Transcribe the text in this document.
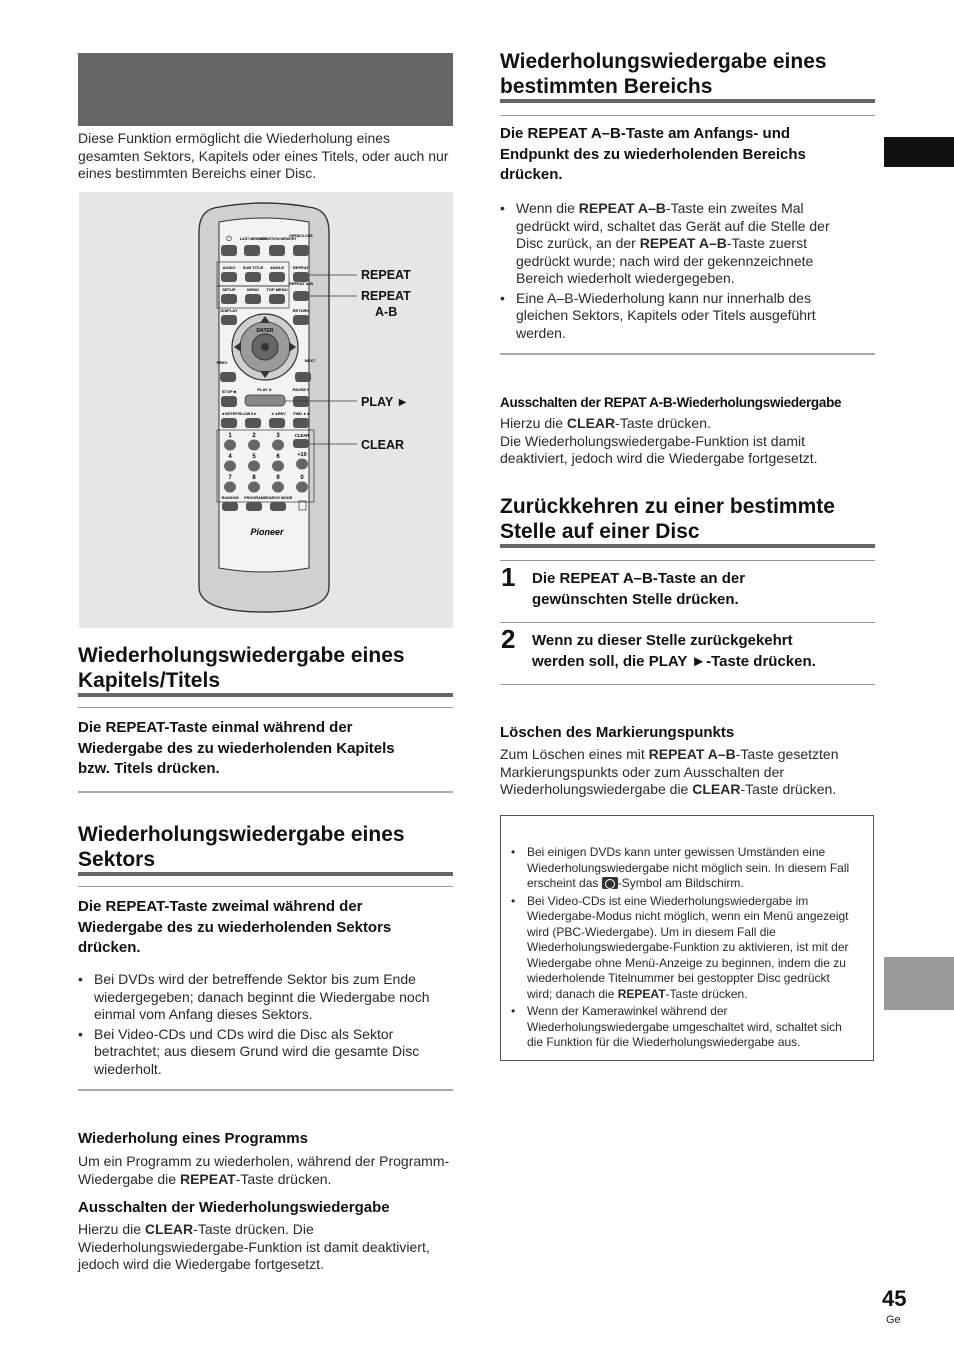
Diese Funktion ermöglicht die Wiederholung eines gesamten Sektors, Kapitels oder eines Titels, oder auch nur eines bestimmten Bereichs einer Disc.
⏻ LAST MEMORY
CONDITION MEMORY
OPEN/CLOSE
AUDIO SUB TITLE ANGLE REPEAT
SETUP	MENU TOP MENU
REPEAT A-B
DISPLAY	RETURN
ENTER
PREV	NEXT
STOP ■	PLAY ►	PAUSE II
◄II/STEP/SLOW II►	◄◄REV FWD ►►
CLEAR
1	2	3
4	5	6	+10
7	8	9	0
RANDOM PROGRAM SEARCH MODE
Pioneer
REPEAT
REPEAT
A-B
PLAY ►
CLEAR
Wiederholungswiedergabe eines
Kapitels/Titels
Die REPEAT-Taste einmal während der
Wiedergabe des zu wiederholenden Kapitels
bzw. Titels drücken.
Wiederholungswiedergabe eines
Sektors
Die REPEAT-Taste zweimal während der
Wiedergabe des zu wiederholenden Sektors
drücken.
• Bei DVDs wird der betreffende Sektor bis zum Ende wiedergegeben; danach beginnt die Wiedergabe noch einmal vom Anfang dieses Sektors.
• Bei Video-CDs und CDs wird die Disc als Sektor betrachtet; aus diesem Grund wird die gesamte Disc wiederholt.
Wiederholung eines Programms
Um ein Programm zu wiederholen, während der Programm-Wiedergabe die REPEAT-Taste drücken.
Ausschalten der Wiederholungswiedergabe
Hierzu die CLEAR-Taste drücken. Die Wiederholungswiedergabe-Funktion ist damit deaktiviert, jedoch wird die Wiedergabe fortgesetzt.
Wiederholungswiedergabe eines
bestimmten Bereichs
Die REPEAT A–B-Taste am Anfangs- und
Endpunkt des zu wiederholenden Bereichs
drücken.
• Wenn die REPEAT A–B-Taste ein zweites Mal gedrückt wird, schaltet das Gerät auf die Stelle der Disc zurück, an der REPEAT A–B-Taste zuerst gedrückt wurde; nach wird der gekennzeichnete Bereich wiederholt wiedergegeben.
• Eine A–B-Wiederholung kann nur innerhalb des gleichen Sektors, Kapitels oder Titels ausgeführt werden.
Ausschalten der REPAT A-B-Wiederholungswiedergabe
Hierzu die CLEAR-Taste drücken.
Die Wiederholungswiedergabe-Funktion ist damit deaktiviert, jedoch wird die Wiedergabe fortgesetzt.
Zurückkehren zu einer bestimmte
Stelle auf einer Disc
1 Die REPEAT A–B-Taste an der
gewünschten Stelle drücken.
2 Wenn zu dieser Stelle zurückgekehrt
werden soll, die PLAY ►-Taste drücken.
Löschen des Markierungspunkts
Zum Löschen eines mit REPEAT A–B-Taste gesetzten Markierungspunkts oder zum Ausschalten der Wiederholungswiedergabe die CLEAR-Taste drücken.
• Bei einigen DVDs kann unter gewissen Umständen eine Wiederholungswiedergabe nicht möglich sein. In diesem Fall erscheint das
-Symbol am Bildschirm.
• Bei Video-CDs ist eine Wiederholungswiedergabe im Wiedergabe-Modus nicht möglich, wenn ein Menü angezeigt wird (PBC-Wiedergabe). Um in diesem Fall die Wiederholungswiedergabe-Funktion zu aktivieren, ist mit der Wiedergabe ohne Menü-Anzeige zu beginnen, indem die zu wiederholende Titelnummer bei gestoppter Disc gedrückt wird; danach die REPEAT-Taste drücken.
• Wenn der Kamerawinkel während der Wiederholungswiedergabe umgeschaltet wird, schaltet sich die Funktion für die Wiederholungswiedergabe aus.
45
Ge
